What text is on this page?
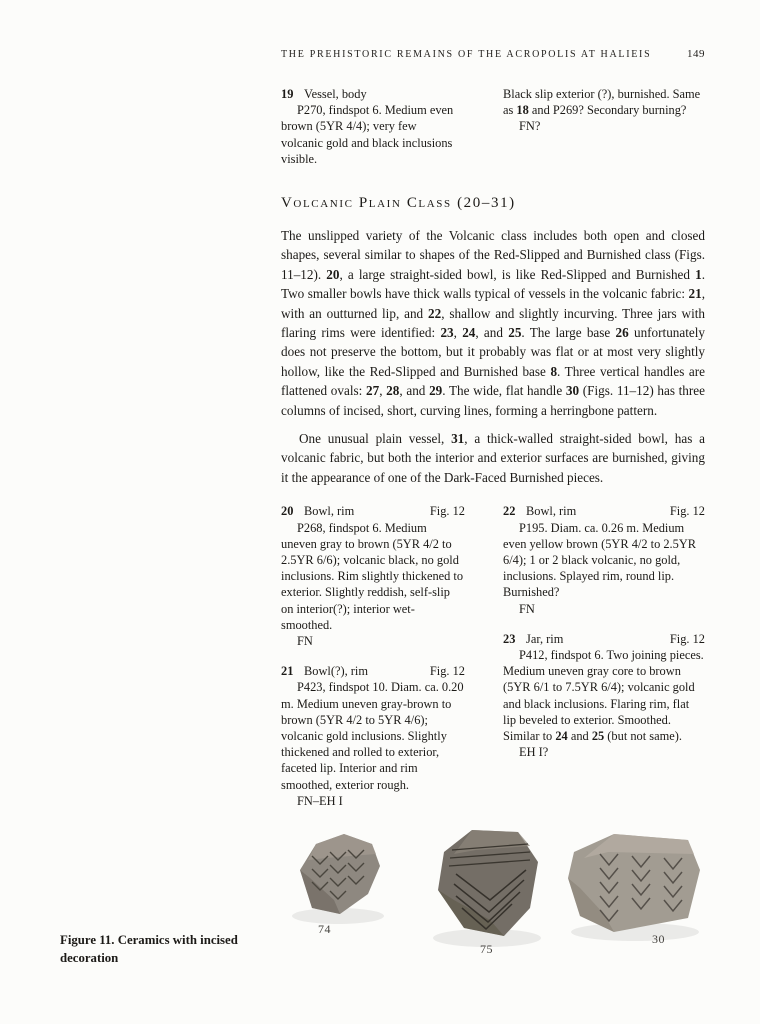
THE PREHISTORIC REMAINS OF THE ACROPOLIS AT HALIEIS	149
19 Vessel, body

P270, findspot 6. Medium even brown (5YR 4/4); very few volcanic gold and black inclusions visible.

Black slip exterior (?), burnished. Same as 18 and P269? Secondary burning?

FN?
Volcanic Plain Class (20–31)

The unslipped variety of the Volcanic class includes both open and closed shapes, several similar to shapes of the Red-Slipped and Burnished class (Figs. 11–12). 20, a large straight-sided bowl, is like Red-Slipped and Burnished 1. Two smaller bowls have thick walls typical of vessels in the volcanic fabric: 21, with an outturned lip, and 22, shallow and slightly incurving. Three jars with flaring rims were identified: 23, 24, and 25. The large base 26 unfortunately does not preserve the bottom, but it probably was flat or at most very slightly hollow, like the Red-Slipped and Burnished base 8. Three vertical handles are flattened ovals: 27, 28, and 29. The wide, flat handle 30 (Figs. 11–12) has three columns of incised, short, curving lines, forming a herringbone pattern.

One unusual plain vessel, 31, a thick-walled straight-sided bowl, has a volcanic fabric, but both the interior and exterior surfaces are burnished, giving it the appearance of one of the Dark-Faced Burnished pieces.

20 Bowl, rim	Fig. 12

P268, findspot 6. Medium uneven gray to brown (5YR 4/2 to 2.5YR 6/6); volcanic black, no gold inclusions. Rim slightly thickened to exterior. Slightly reddish, self-slip on interior(?); interior wet-smoothed.

FN
21 Bowl(?), rim	Fig. 12

P423, findspot 10. Diam. ca. 0.20 m. Medium uneven gray-brown to brown (5YR 4/2 to 5YR 4/6); volcanic gold inclusions. Slightly thickened and rolled to exterior, faceted lip. Interior and rim smoothed, exterior rough.

FN–EH I
22 Bowl, rim	Fig. 12

P195. Diam. ca. 0.26 m. Medium even yellow brown (5YR 4/2 to 2.5YR 6/4); 1 or 2 black volcanic, no gold, inclusions. Splayed rim, round lip. Burnished?

FN
23 Jar, rim	Fig. 12

P412, findspot 6. Two joining pieces. Medium uneven gray core to brown (5YR 6/1 to 7.5YR 6/4); volcanic gold and black inclusions. Flaring rim, flat lip beveled to exterior. Smoothed. Similar to 24 and 25 (but not same).

EH I?
74
75
30
Figure 11. Ceramics with incised decoration
